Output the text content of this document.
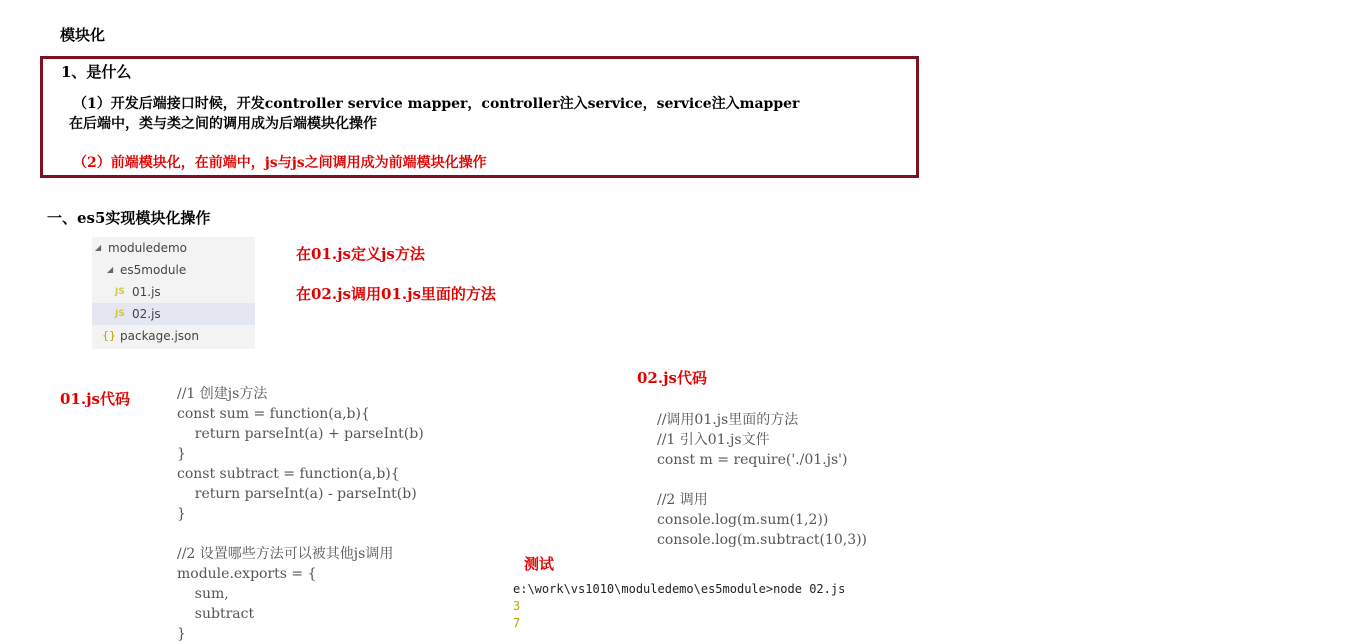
模块化
1、是什么
（1）开发后端接口时候，开发controller service mapper，controller注入service，service注入mapper
在后端中，类与类之间的调用成为后端模块化操作
（2）前端模块化，在前端中，js与js之间调用成为前端模块化操作
一、es5实现模块化操作
◢ moduledemo
◢ es5module
JS 01.js
JS 02.js
{} package.json
在01.js定义js方法
在02.js调用01.js里面的方法
01.js代码	//1 创建js方法
const sum = function(a,b){
return parseInt(a) + parseInt(b)
}
const subtract = function(a,b){
return parseInt(a) - parseInt(b)
}
//2 设置哪些方法可以被其他js调用
module.exports = {
sum,
subtract
}
02.js代码
//调用01.js里面的方法
//1 引入01.js文件
const m = require('./01.js')
//2 调用
console.log(m.sum(1,2))
console.log(m.subtract(10,3))
测试
e:\work\vs1010\moduledemo\es5module>node 02.js
3
7
